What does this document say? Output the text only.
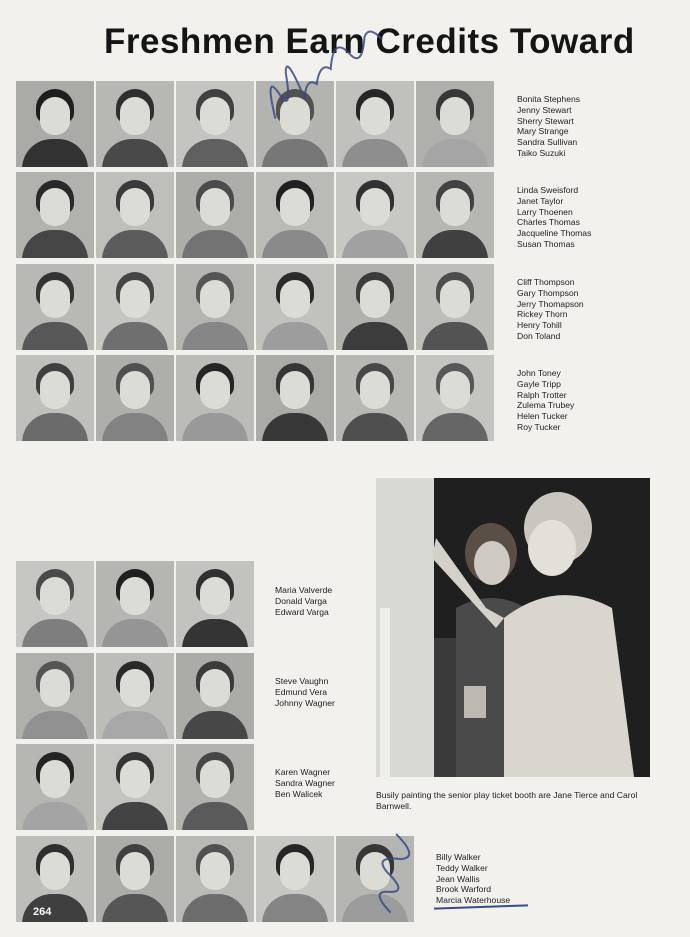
Freshmen Earn Credits Toward
Bonita Stephens
Jenny Stewart
Sherry Stewart
Mary Strange
Sandra Sullivan
Taiko Suzuki
Linda Sweisford
Janet Taylor
Larry Thoenen
Charles Thomas
Jacqueline Thomas
Susan Thomas
Cliff Thompson
Gary Thompson
Jerry Thomapson
Rickey Thorn
Henry Tohill
Don Toland
John Toney
Gayle Tripp
Ralph Trotter
Zulema Trubey
Helen Tucker
Roy Tucker
Maria Valverde
Donald Varga
Edward Varga
Steve Vaughn
Edmund Vera
Johnny Wagner
Karen Wagner
Sandra Wagner
Ben Walicek
Billy Walker
Teddy Walker
Jean Wallis
Brook Warford
Marcia Waterhouse
Busily painting the senior play ticket booth are Jane Tierce and Carol Barnwell.
264
